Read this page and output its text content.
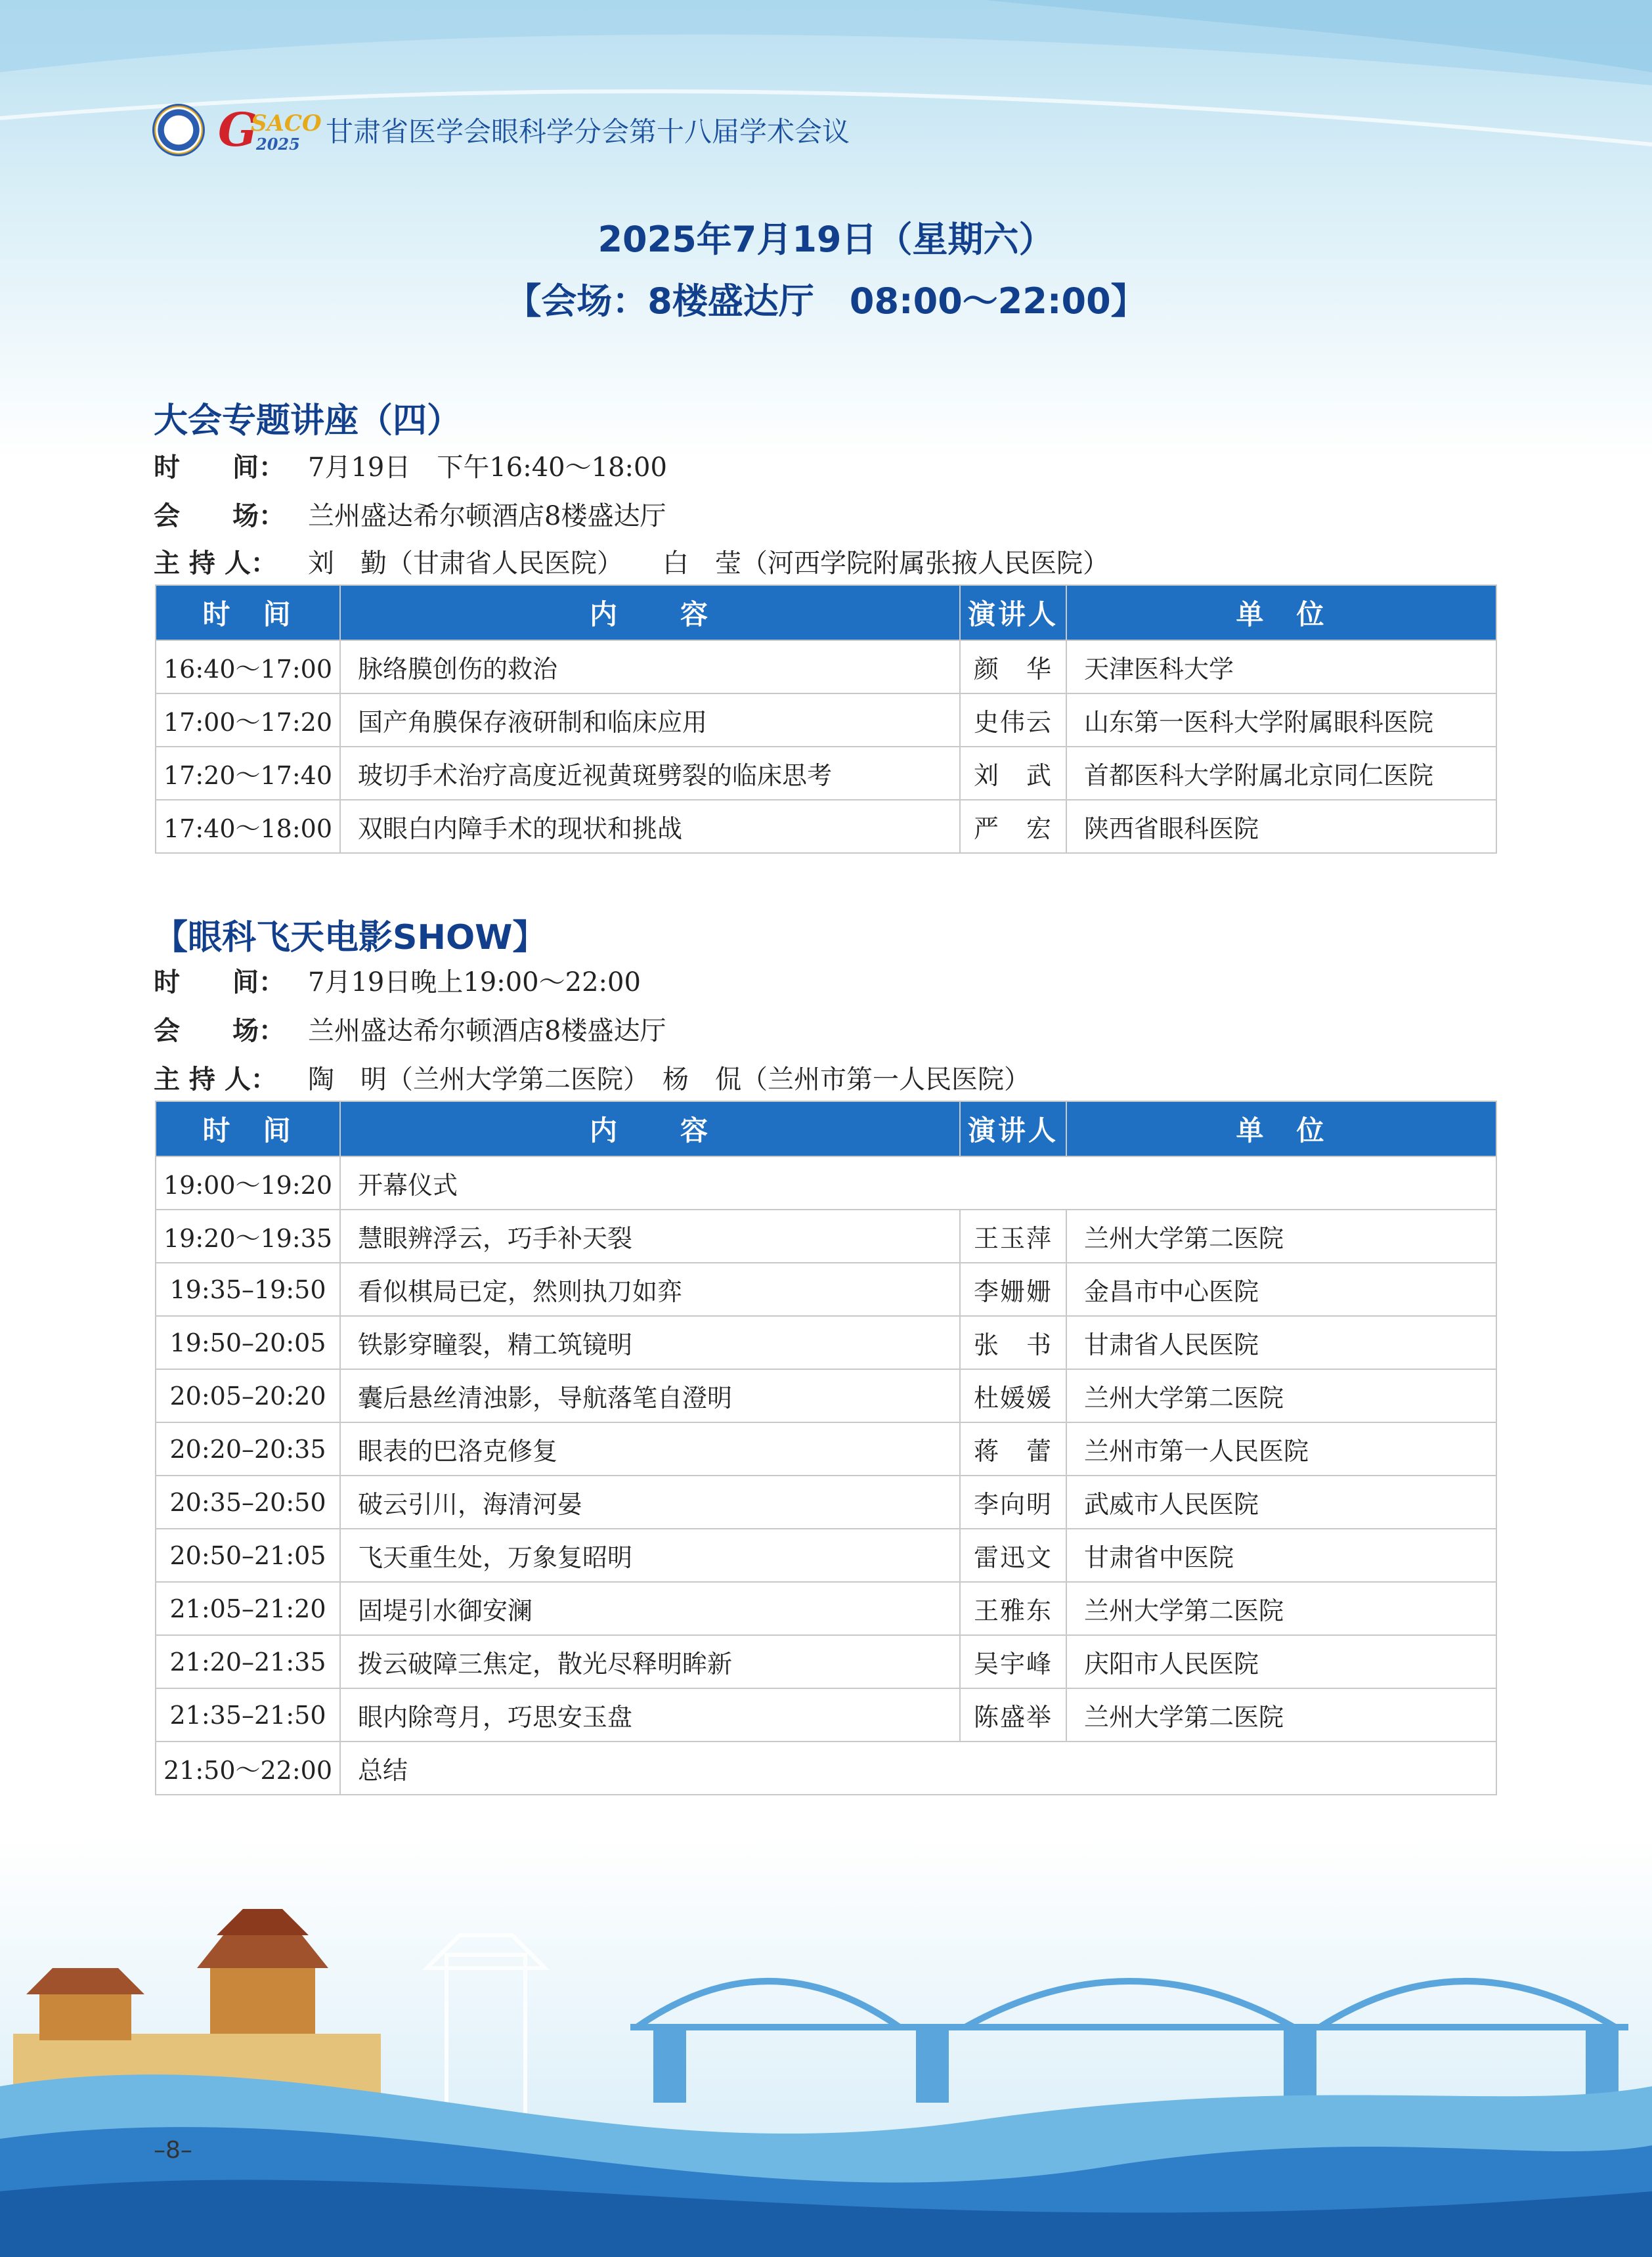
G
SACO
2025 甘肃省医学会眼科学分会第十八届学术会议
2025年7月19日（星期六）
【会场：8楼盛达厅　08:00～22:00】
大会专题讲座（四）
时　　间： 7月19日　下午16:40～18:00
会　　场： 兰州盛达希尔顿酒店8楼盛达厅
主 持 人： 刘　勤（甘肃省人民医院）　　白　莹（河西学院附属张掖人民医院）
时　间	内　　容	演讲人	单　位
16:40～17:00	脉络膜创伤的救治	颜　华	天津医科大学
17:00～17:20	国产角膜保存液研制和临床应用	史伟云	山东第一医科大学附属眼科医院
17:20～17:40	玻切手术治疗高度近视黄斑劈裂的临床思考	刘　武	首都医科大学附属北京同仁医院
17:40～18:00	双眼白内障手术的现状和挑战	严　宏	陕西省眼科医院
【眼科飞天电影SHOW】
时　　间： 7月19日晚上19:00～22:00
会　　场： 兰州盛达希尔顿酒店8楼盛达厅
主 持 人： 陶　明（兰州大学第二医院）　杨　侃（兰州市第一人民医院）
时　间	内　　容	演讲人	单　位
19:00～19:20	开幕仪式		
19:20～19:35	慧眼辨浮云，巧手补天裂	王玉萍	兰州大学第二医院
19:35–19:50	看似棋局已定，然则执刀如弈	李姗姗	金昌市中心医院
19:50–20:05	铁影穿瞳裂，精工筑镜明	张　书	甘肃省人民医院
20:05–20:20	囊后悬丝清浊影，导航落笔自澄明	杜媛媛	兰州大学第二医院
20:20–20:35	眼表的巴洛克修复	蒋　蕾	兰州市第一人民医院
20:35–20:50	破云引川，海清河晏	李向明	武威市人民医院
20:50–21:05	飞天重生处，万象复昭明	雷迅文	甘肃省中医院
21:05–21:20	固堤引水御安澜	王雅东	兰州大学第二医院
21:20–21:35	拨云破障三焦定，散光尽释明眸新	吴宇峰	庆阳市人民医院
21:35–21:50	眼内除弯月，巧思安玉盘	陈盛举	兰州大学第二医院
21:50～22:00	总结		
–8–
